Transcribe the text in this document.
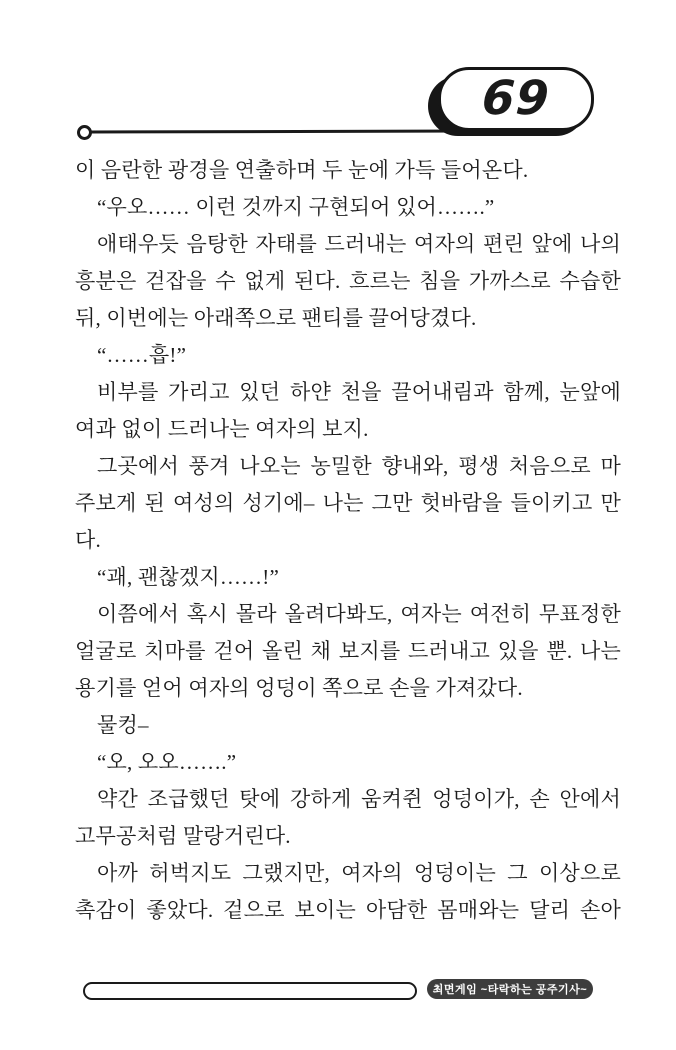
69
이 음란한 광경을 연출하며 두 눈에 가득 들어온다.
“우오…… 이런 것까지 구현되어 있어…….”
애태우듯 음탕한 자태를 드러내는 여자의 편린 앞에 나의
흥분은 걷잡을 수 없게 된다. 흐르는 침을 가까스로 수습한
뒤, 이번에는 아래쪽으로 팬티를 끌어당겼다.
“……흡!”
비부를 가리고 있던 하얀 천을 끌어내림과 함께, 눈앞에
여과 없이 드러나는 여자의 보지.
그곳에서 풍겨 나오는 농밀한 향내와, 평생 처음으로 마
주보게 된 여성의 성기에– 나는 그만 헛바람을 들이키고 만
다.
“괘, 괜찮겠지……!”
이쯤에서 혹시 몰라 올려다봐도, 여자는 여전히 무표정한
얼굴로 치마를 걷어 올린 채 보지를 드러내고 있을 뿐. 나는
용기를 얻어 여자의 엉덩이 쪽으로 손을 가져갔다.
물컹–
“오, 오오…….”
약간 조급했던 탓에 강하게 움켜쥔 엉덩이가, 손 안에서
고무공처럼 말랑거린다.
아까 허벅지도 그랬지만, 여자의 엉덩이는 그 이상으로
촉감이 좋았다. 겉으로 보이는 아담한 몸매와는 달리 손아
최면게임 ~타락하는 공주기사~
